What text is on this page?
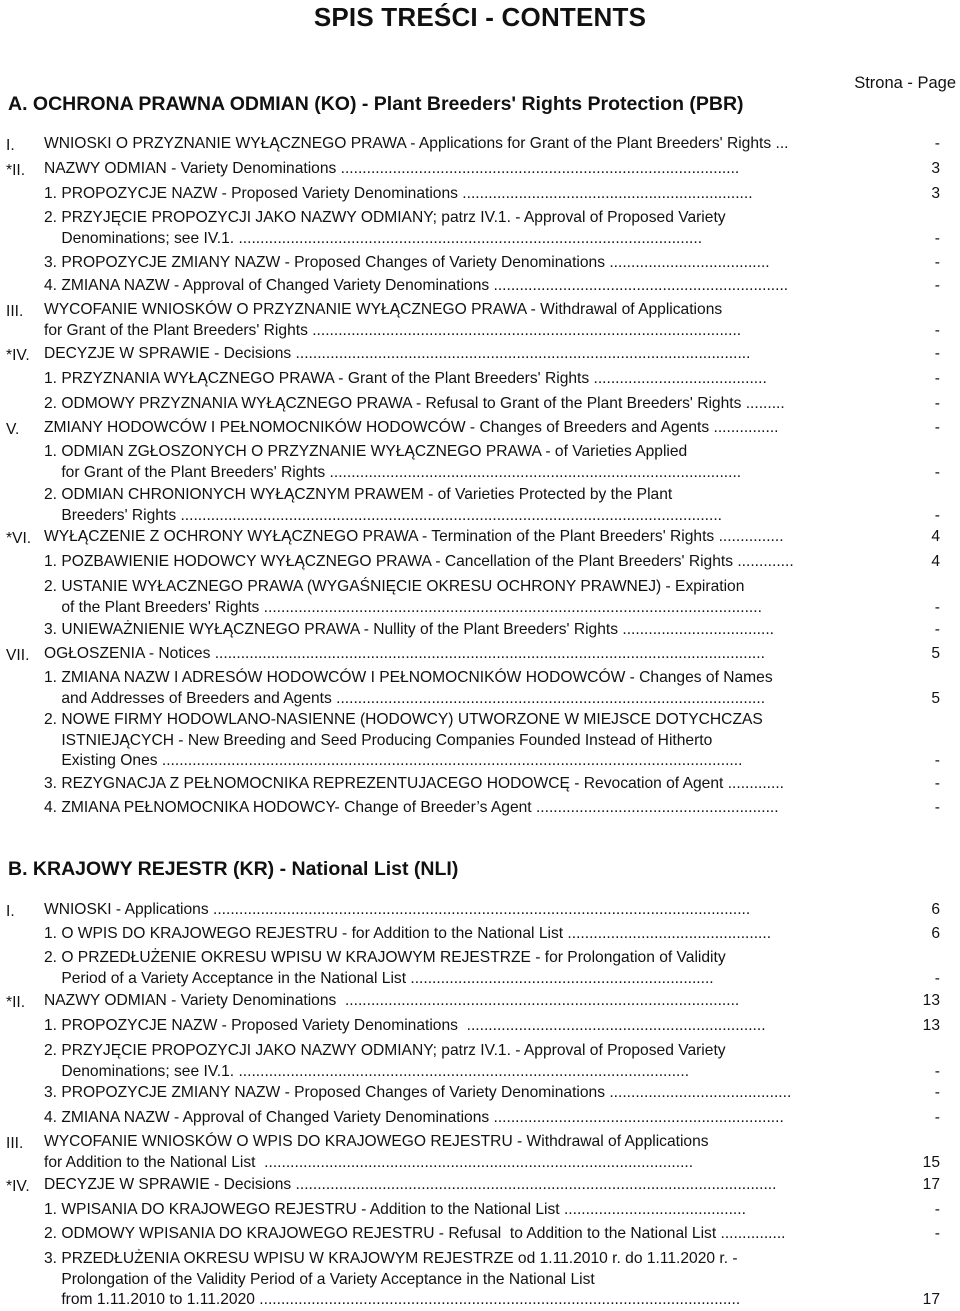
SPIS TREŚCI - CONTENTS
Strona - Page
A. OCHRONA PRAWNA ODMIAN (KO) - Plant Breeders' Rights Protection (PBR)
B. KRAJOWY REJESTR (KR) - National List (NLI)
I.	WNIOSKI O PRZYZNANIE WYŁĄCZNEGO PRAWA - Applications for Grant of the Plant Breeders' Rights ...	-
*II.	NAZWY ODMIAN - Variety Denominations ............................................................................................	3
1. PROPOZYCJE NAZW - Proposed Variety Denominations ...................................................................	3
2. PRZYJĘCIE PROPOZYCJI JAKO NAZWY ODMIANY; patrz IV.1. - Approval of Proposed Variety
Denominations; see IV.1. ...........................................................................................................	-
3. PROPOZYCJE ZMIANY NAZW - Proposed Changes of Variety Denominations .....................................	-
4. ZMIANA NAZW - Approval of Changed Variety Denominations ....................................................................	-
III.	WYCOFANIE WNIOSKÓW O PRZYZNANIE WYŁĄCZNEGO PRAWA - Withdrawal of Applications
for Grant of the Plant Breeders' Rights ...................................................................................................	-
*IV. DECYZJE W SPRAWIE - Decisions .........................................................................................................	-
1. PRZYZNANIA WYŁĄCZNEGO PRAWA - Grant of the Plant Breeders' Rights ........................................	-
2. ODMOWY PRZYZNANIA WYŁĄCZNEGO PRAWA - Refusal to Grant of the Plant Breeders' Rights .........	-
V.	ZMIANY HODOWCÓW I PEŁNOMOCNIKÓW HODOWCÓW - Changes of Breeders and Agents ...............	-
1. ODMIAN ZGŁOSZONYCH O PRZYZNANIE WYŁĄCZNEGO PRAWA - of Varieties Applied
for Grant of the Plant Breeders' Rights ...............................................................................................	-
2. ODMIAN CHRONIONYCH WYŁĄCZNYM PRAWEM - of Varieties Protected by the Plant
Breeders' Rights .............................................................................................................................	-
*VI. WYŁĄCZENIE Z OCHRONY WYŁĄCZNEGO PRAWA - Termination of the Plant Breeders' Rights ...............	4
1. POZBAWIENIE HODOWCY WYŁĄCZNEGO PRAWA - Cancellation of the Plant Breeders' Rights .............	4
2. USTANIE WYŁACZNEGO PRAWA (WYGAŚNIĘCIE OKRESU OCHRONY PRAWNEJ) - Expiration
of the Plant Breeders' Rights ...................................................................................................................	-
3. UNIEWAŻNIENIE WYŁĄCZNEGO PRAWA - Nullity of the Plant Breeders' Rights ...................................	-
VII. OGŁOSZENIA - Notices ...............................................................................................................................	5
1. ZMIANA NAZW I ADRESÓW HODOWCÓW I PEŁNOMOCNIKÓW HODOWCÓW - Changes of Names
and Addresses of Breeders and Agents ...................................................................................................	5
2. NOWE FIRMY HODOWLANO-NASIENNE (HODOWCY) UTWORZONE W MIEJSCE DOTYCHCZAS
ISTNIEJĄCYCH - New Breeding and Seed Producing Companies Founded Instead of Hitherto
Existing Ones ......................................................................................................................................	-
3. REZYGNACJA Z PEŁNOMOCNIKA REPREZENTUJACEGO HODOWCĘ - Revocation of Agent .............	-
4. ZMIANA PEŁNOMOCNIKA HODOWCY- Change of Breeder’s Agent ........................................................	-
I.	WNIOSKI - Applications ............................................................................................................................	6
1. O WPIS DO KRAJOWEGO REJESTRU - for Addition to the National List ...............................................	6
2. O PRZEDŁUŻENIE OKRESU WPISU W KRAJOWYM REJESTRZE - for Prolongation of Validity
Period of a Variety Acceptance in the National List ......................................................................	-
*II.	NAZWY ODMIAN - Variety Denominations  ...........................................................................................	13
1. PROPOZYCJE NAZW - Proposed Variety Denominations  .....................................................................	13
2. PRZYJĘCIE PROPOZYCJI JAKO NAZWY ODMIANY; patrz IV.1. - Approval of Proposed Variety
Denominations; see IV.1. ........................................................................................................	-
3. PROPOZYCJE ZMIANY NAZW - Proposed Changes of Variety Denominations ..........................................	-
4. ZMIANA NAZW - Approval of Changed Variety Denominations ...................................................................	-
III.	WYCOFANIE WNIOSKÓW O WPIS DO KRAJOWEGO REJESTRU - Withdrawal of Applications
for Addition to the National List  ...................................................................................................	15
*IV. DECYZJE W SPRAWIE - Decisions ...............................................................................................................	17
1. WPISANIA DO KRAJOWEGO REJESTRU - Addition to the National List ..........................................	-
2. ODMOWY WPISANIA DO KRAJOWEGO REJESTRU - Refusal  to Addition to the National List ...............	-
3. PRZEDŁUŻENIA OKRESU WPISU W KRAJOWYM REJESTRZE od 1.11.2010 r. do 1.11.2020 r. -
Prolongation of the Validity Period of a Variety Acceptance in the National List
from 1.11.2010 to 1.11.2020 ...............................................................................................................	17
